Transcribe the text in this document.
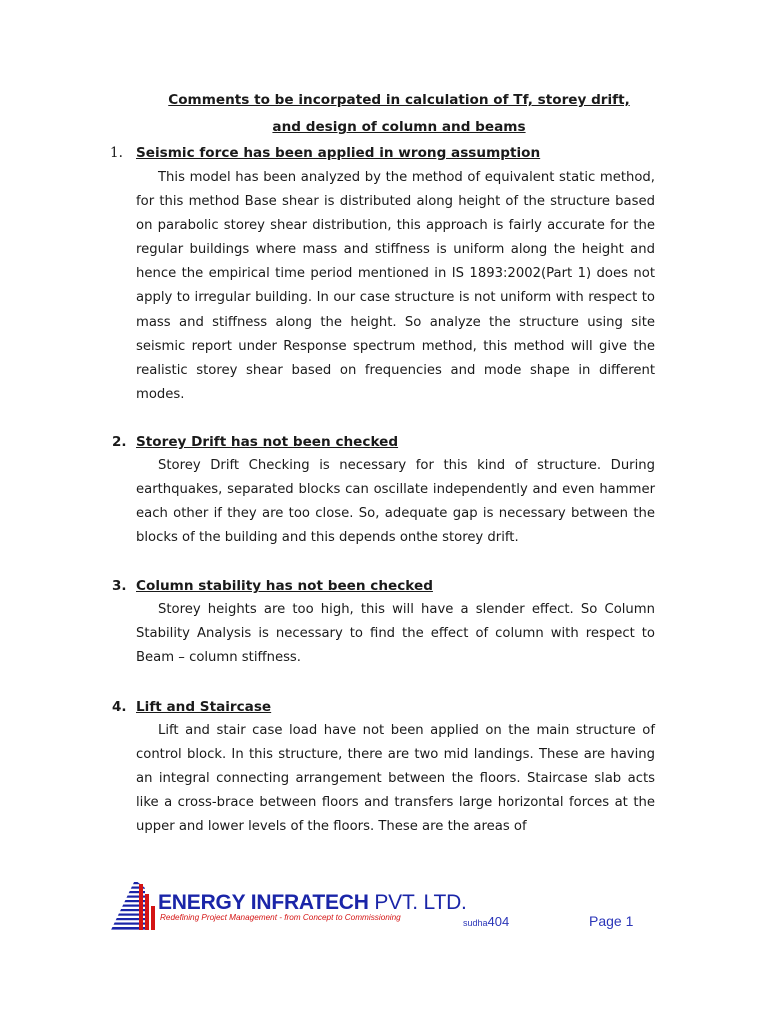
Comments to be incorpated in calculation of Tf, storey drift,
and design of column and beams
1. Seismic force has been applied in wrong assumption

This model has been analyzed by the method of equivalent static method, for this method Base shear is distributed along height of the structure based on parabolic storey shear distribution, this approach is fairly accurate for the regular buildings where mass and stiffness is uniform along the height and hence the empirical time period mentioned in IS 1893:2002(Part 1) does not apply to irregular building. In our case structure is not uniform with respect to mass and stiffness along the height. So analyze the structure using site seismic report under Response spectrum method, this method will give the realistic storey shear based on frequencies and mode shape in different modes.

2. Storey Drift has not been checked

Storey Drift Checking is necessary for this kind of structure. During earthquakes, separated blocks can oscillate independently and even hammer each other if they are too close. So, adequate gap is necessary between the blocks of the building and this depends onthe storey drift.

3. Column stability has not been checked

Storey heights are too high, this will have a slender effect. So Column Stability Analysis is necessary to find the effect of column with respect to Beam – column stiffness.

4. Lift and Staircase

Lift and stair case load have not been applied on the main structure of control block. In this structure, there are two mid landings. These are having an integral connecting arrangement between the floors. Staircase slab acts like a cross-brace between floors and transfers large horizontal forces at the upper and lower levels of the floors. These are the areas of

ENERGY INFRATECH PVT. LTD.
Redefining Project Management - from Concept to Commissioning
sudha404	Page 1
